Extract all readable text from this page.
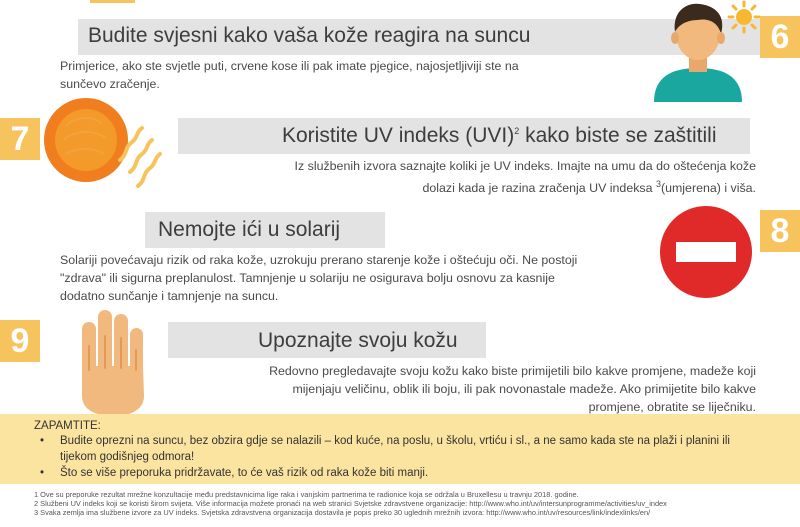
Budite svjesni kako vaša kože reagira na suncu	6
Primjerice, ako ste svjetle puti, crvene kose ili pak imate pjegice, najosjetljiviji ste na
sunčevo zračenje.
7	Koristite UV indeks (UVI)$^2$ kako biste se zaštitili
Iz službenih izvora saznajte koliki je UV indeks. Imajte na umu da do oštećenja kože
dolazi kada je razina zračenja UV indeksa $^3$(umjerena) i viša.
Nemojte ići u solarij	8
Solariji povećavaju rizik od raka kože, uzrokuju prerano starenje kože i oštećuju oči. Ne postoji
"zdrava" ili sigurna preplanulost. Tamnjenje u solariju ne osigurava bolju osnovu za kasnije
dodatno sunčanje i tamnjenje na suncu.
9	Upoznajte svoju kožu
Redovno pregledavajte svoju kožu kako biste primijetili bilo kakve promjene, madeže koji
mijenjaju veličinu, oblik ili boju, ili pak novonastale madeže. Ako primijetite bilo kakve
promjene, obratite se liječniku.
ZAPAMTITE:
• Budite oprezni na suncu, bez obzira gdje se nalazili – kod kuće, na poslu, u školu, vrtiću i sl., a ne samo kada ste na plaži i planini ili tijekom godišnjeg odmora!
• Što se više preporuka pridržavate, to će vaš rizik od raka kože biti manji.
1 Ove su preporuke rezultat mrežne konzultacije među predstavnicima lige raka i vanjskim partnerima te radionice koja se održala u Bruxellesu u travnju 2018. godine.
2 Službeni UV indeks koji se koristi širom svijeta. Više informacija možete pronaći na web stranici Svjetske zdravstvene organizacije: http://www.who.int/uv/intersunprogramme/activities/uv_index
3 Svaka zemlja ima službene izvore za UV indeks. Svjetska zdravstvena organizacija dostavila je popis preko 30 uglednih mrežnih izvora: http://www.who.int/uv/resources/link/indexlinks/en/
